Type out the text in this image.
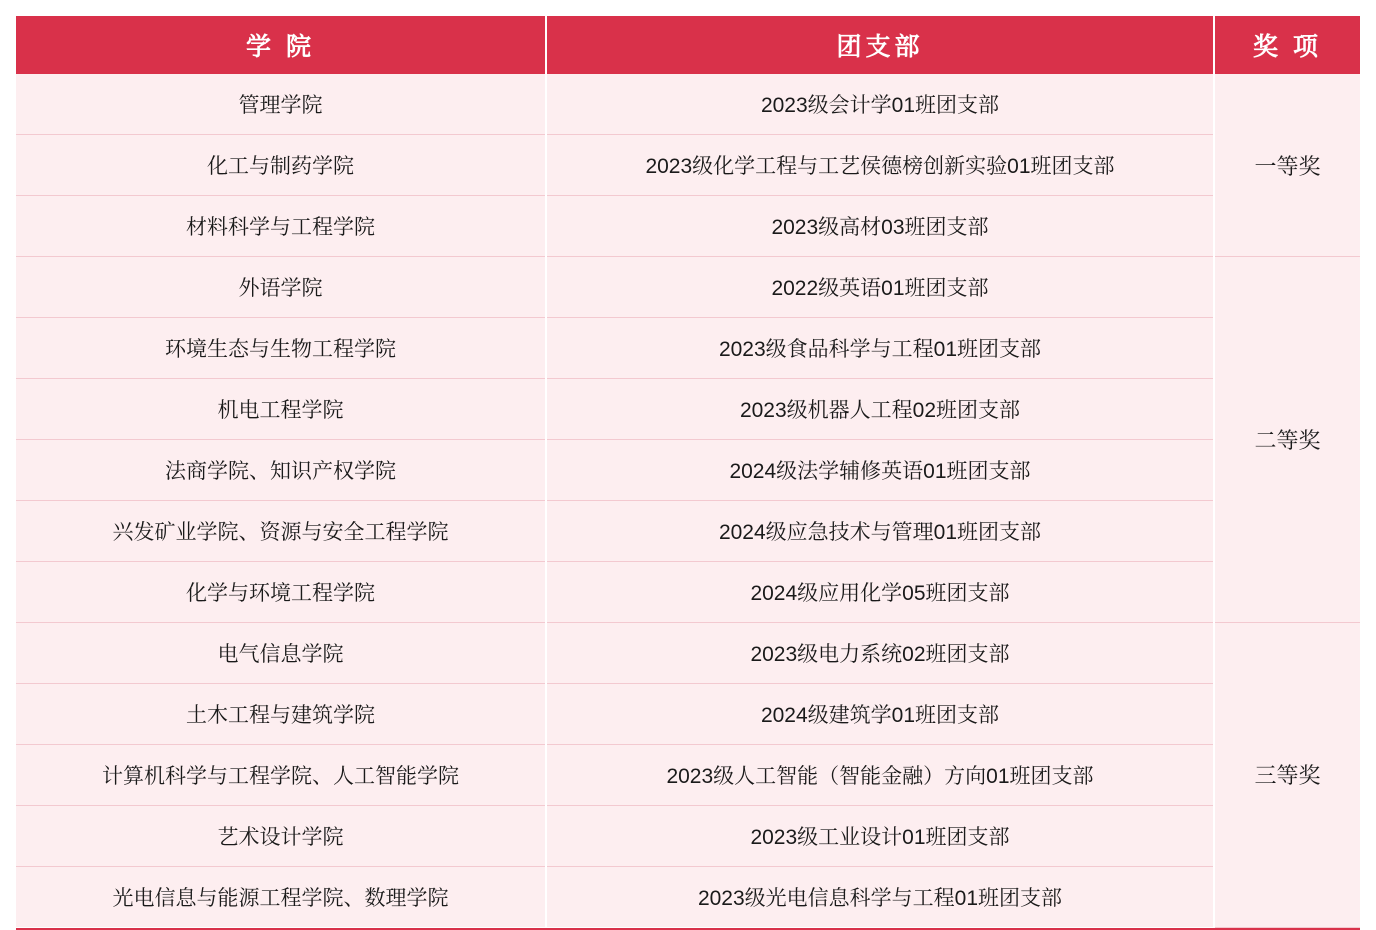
学 院	团支部	奖 项
管理学院	2023级会计学01班团支部	一等奖
化工与制药学院	2023级化学工程与工艺侯德榜创新实验01班团支部	
材料科学与工程学院	2023级高材03班团支部	
外语学院	2022级英语01班团支部	二等奖
环境生态与生物工程学院	2023级食品科学与工程01班团支部	
机电工程学院	2023级机器人工程02班团支部	
法商学院、知识产权学院	2024级法学辅修英语01班团支部	
兴发矿业学院、资源与安全工程学院	2024级应急技术与管理01班团支部	
化学与环境工程学院	2024级应用化学05班团支部	
电气信息学院	2023级电力系统02班团支部	三等奖
土木工程与建筑学院	2024级建筑学01班团支部	
计算机科学与工程学院、人工智能学院	2023级人工智能（智能金融）方向01班团支部	
艺术设计学院	2023级工业设计01班团支部	
光电信息与能源工程学院、数理学院	2023级光电信息科学与工程01班团支部	
